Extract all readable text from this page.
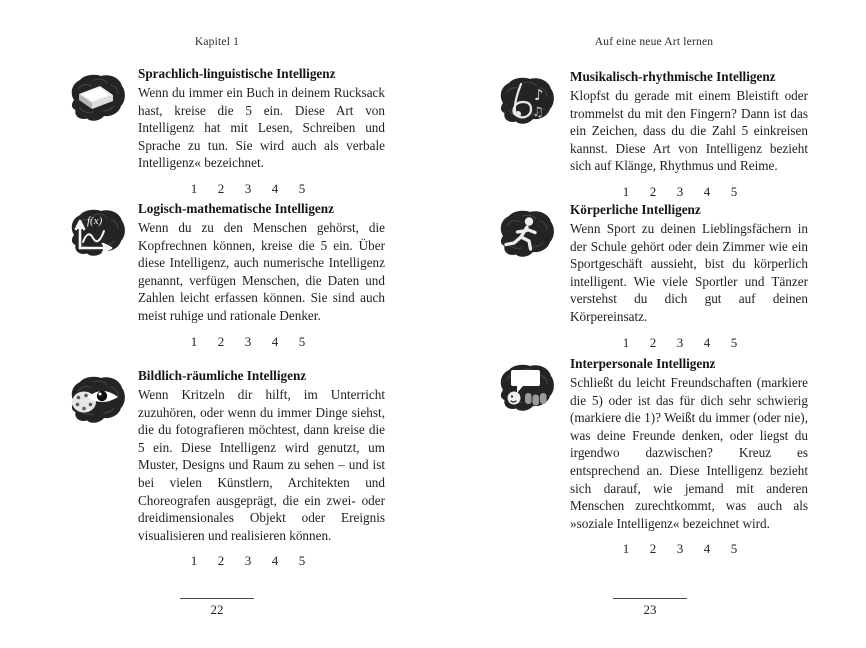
Kapitel 1	Auf eine neue Art lernen
Sprachlich-linguistische Intelligenz

Wenn du immer ein Buch in deinem Rucksack hast, kreise die 5 ein. Diese Art von Intelligenz hat mit Lesen, Schreiben und Sprache zu tun. Sie wird auch als verbale Intelligenz« bezeichnet.

1 2 3 4 5
f(x)
Logisch-mathematische Intelligenz

Wenn du zu den Menschen gehörst, die Kopfrechnen können, kreise die 5 ein. Über diese Intelligenz, auch numerische Intelligenz genannt, verfügen Menschen, die Daten und Zahlen leicht erfassen können. Sie sind auch meist ruhige und rationale Denker.

1 2 3 4 5
Bildlich-räumliche Intelligenz

Wenn Kritzeln dir hilft, im Unterricht zuzuhören, oder wenn du immer Dinge siehst, die du fotografieren möchtest, dann kreise die 5 ein. Diese Intelligenz wird genutzt, um Muster, Designs und Raum zu sehen – und ist bei vielen Künstlern, Architekten und Choreografen ausgeprägt, die ein zwei- oder dreidimensionales Objekt oder Ereignis visualisieren und realisieren können.

1 2 3 4 5
♪
♫
Musikalisch-rhythmische Intelligenz

Klopfst du gerade mit einem Bleistift oder trommelst du mit den Fingern? Dann ist das ein Zeichen, dass du die Zahl 5 einkreisen kannst. Diese Art von Intelligenz bezieht sich auf Klänge, Rhythmus und Reime.

1 2 3 4 5
Körperliche Intelligenz

Wenn Sport zu deinen Lieblingsfächern in der Schule gehört oder dein Zimmer wie ein Sportgeschäft aussieht, bist du körperlich intelligent. Wie viele Sportler und Tänzer verstehst du dich gut auf deinen Körpereinsatz.

1 2 3 4 5
Interpersonale Intelligenz

Schließt du leicht Freundschaften (markiere die 5) oder ist das für dich sehr schwierig (markiere die 1)? Weißt du immer (oder nie), was deine Freunde denken, oder liegst du irgendwo dazwischen? Kreuz es entsprechend an. Diese Intelligenz bezieht sich darauf, wie jemand mit anderen Menschen zurechtkommt, was auch als »soziale Intelligenz« bezeichnet wird.

1 2 3 4 5
22	23
